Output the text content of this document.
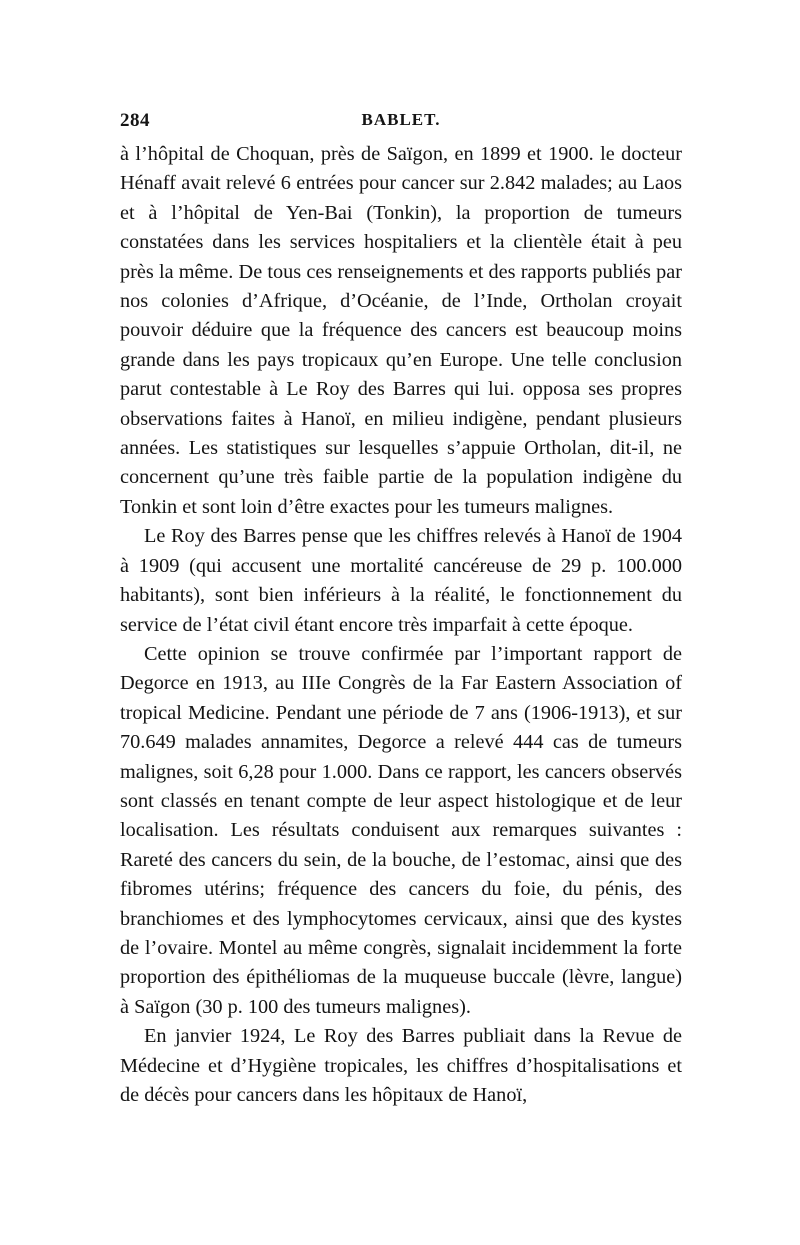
284	BABLET.

à l’hôpital de Choquan, près de Saïgon, en 1899 et 1900. le docteur Hénaff avait relevé 6 entrées pour cancer sur 2.842 malades; au Laos et à l’hôpital de Yen-Bai (Tonkin), la proportion de tumeurs constatées dans les services hospitaliers et la clientèle était à peu près la même. De tous ces renseignements et des rapports publiés par nos colonies d’Afrique, d’Océanie, de l’Inde, Ortholan croyait pouvoir déduire que la fréquence des cancers est beaucoup moins grande dans les pays tropicaux qu’en Europe. Une telle conclusion parut contestable à Le Roy des Barres qui lui. opposa ses propres observations faites à Hanoï, en milieu indigène, pendant plusieurs années. Les statistiques sur lesquelles s’appuie Ortholan, dit-il, ne concernent qu’une très faible partie de la population indigène du Tonkin et sont loin d’être exactes pour les tumeurs malignes.

Le Roy des Barres pense que les chiffres relevés à Hanoï de 1904 à 1909 (qui accusent une mortalité cancéreuse de 29 p. 100.000 habitants), sont bien inférieurs à la réalité, le fonctionnement du service de l’état civil étant encore très imparfait à cette époque.

Cette opinion se trouve confirmée par l’important rapport de Degorce en 1913, au IIIe Congrès de la Far Eastern Association of tropical Medicine. Pendant une période de 7 ans (1906-1913), et sur 70.649 malades annamites, Degorce a relevé 444 cas de tumeurs malignes, soit 6,28 pour 1.000. Dans ce rapport, les cancers observés sont classés en tenant compte de leur aspect histologique et de leur localisation. Les résultats conduisent aux remarques suivantes : Rareté des cancers du sein, de la bouche, de l’estomac, ainsi que des fibromes utérins; fréquence des cancers du foie, du pénis, des branchiomes et des lymphocytomes cervicaux, ainsi que des kystes de l’ovaire. Montel au même congrès, signalait incidemment la forte proportion des épithéliomas de la muqueuse buccale (lèvre, langue) à Saïgon (30 p. 100 des tumeurs malignes).

En janvier 1924, Le Roy des Barres publiait dans la Revue de Médecine et d’Hygiène tropicales, les chiffres d’hospitalisations et de décès pour cancers dans les hôpitaux de Hanoï,
